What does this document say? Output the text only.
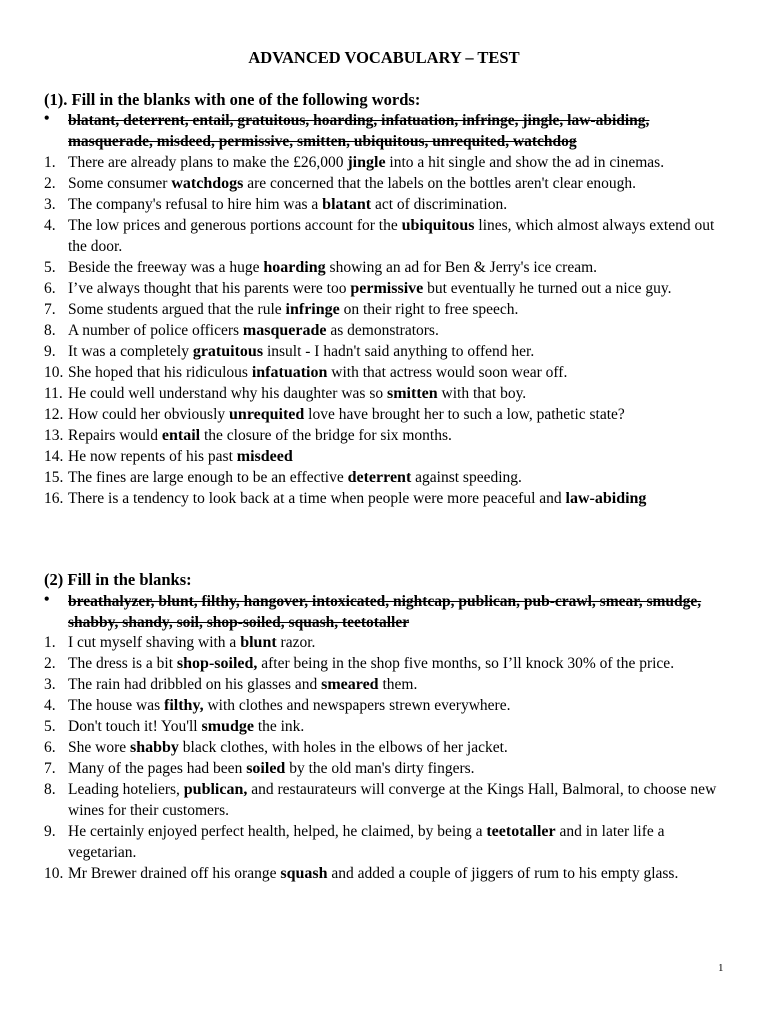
ADVANCED VOCABULARY – TEST
(1). Fill in the blanks with one of the following words:
• blatant, deterrent, entail, gratuitous, hoarding, infatuation, infringe, jingle, law-abiding, masquerade, misdeed, permissive, smitten, ubiquitous, unrequited, watchdog
1. There are already plans to make the £26,000 jingle into a hit single and show the ad in cinemas.
2. Some consumer watchdogs are concerned that the labels on the bottles aren't clear enough.
3. The company's refusal to hire him was a blatant act of discrimination.
4. The low prices and generous portions account for the ubiquitous lines, which almost always extend out the door.
5. Beside the freeway was a huge hoarding showing an ad for Ben & Jerry's ice cream.
6. I’ve always thought that his parents were too permissive but eventually he turned out a nice guy.
7. Some students argued that the rule infringe on their right to free speech.
8. A number of police officers masquerade as demonstrators.
9. It was a completely gratuitous insult - I hadn't said anything to offend her.
10. She hoped that his ridiculous infatuation with that actress would soon wear off.
11. He could well understand why his daughter was so smitten with that boy.
12. How could her obviously unrequited love have brought her to such a low, pathetic state?
13. Repairs would entail the closure of the bridge for six months.
14. He now repents of his past misdeed
15. The fines are large enough to be an effective deterrent against speeding.
16. There is a tendency to look back at a time when people were more peaceful and law-abiding
(2) Fill in the blanks:
• breathalyzer, blunt, filthy, hangover, intoxicated, nightcap, publican, pub-crawl, smear, smudge, shabby, shandy, soil, shop-soiled, squash, teetotaller
1. I cut myself shaving with a blunt razor.
2. The dress is a bit shop-soiled, after being in the shop five months, so I’ll knock 30% of the price.
3. The rain had dribbled on his glasses and smeared them.
4. The house was filthy, with clothes and newspapers strewn everywhere.
5. Don't touch it! You'll smudge the ink.
6. She wore shabby black clothes, with holes in the elbows of her jacket.
7. Many of the pages had been soiled by the old man's dirty fingers.
8. Leading hoteliers, publican, and restaurateurs will converge at the Kings Hall, Balmoral, to choose new wines for their customers.
9. He certainly enjoyed perfect health, helped, he claimed, by being a teetotaller and in later life a vegetarian.
10. Mr Brewer drained off his orange squash and added a couple of jiggers of rum to his empty glass.
1
